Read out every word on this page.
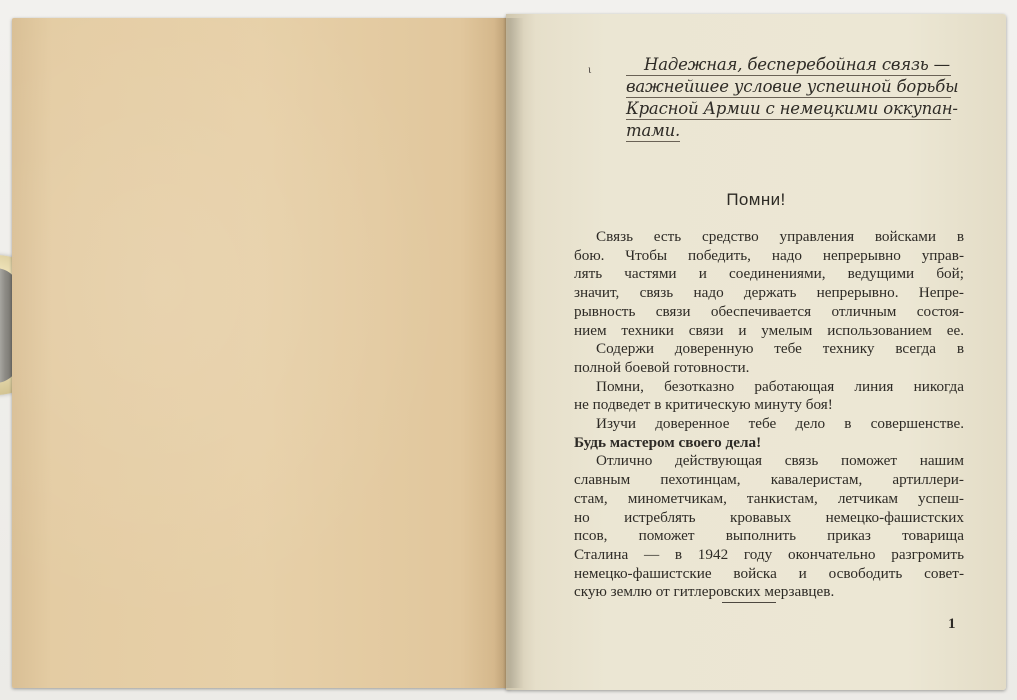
ι	Надежная, бесперебойная связь —
важнейшее условие успешной борьбы
Красной Армии с немецкими оккупан-
тами.
Помни!
Связь есть средство управления войсками в
бою. Чтобы победить, надо непрерывно управ-
лять частями и соединениями, ведущими бой;
значит, связь надо держать непрерывно. Непре-
рывность связи обеспечивается отличным состоя-
нием техники связи и умелым использованием ее.
Содержи доверенную тебе технику всегда в
полной боевой готовности.
Помни, безотказно работающая линия никогда
не подведет в критическую минуту боя!
Изучи доверенное тебе дело в совершенстве.
Будь мастером своего дела!
Отлично действующая связь поможет нашим
славным пехотинцам, кавалеристам, артиллери-
стам, минометчикам, танкистам, летчикам успеш-
но истреблять кровавых немецко-фашистских
псов, поможет выполнить приказ товарища
Сталина — в 1942 году окончательно разгромить
немецко-фашистские войска и освободить совет-
скую землю от гитлеровских мерзавцев.
1
